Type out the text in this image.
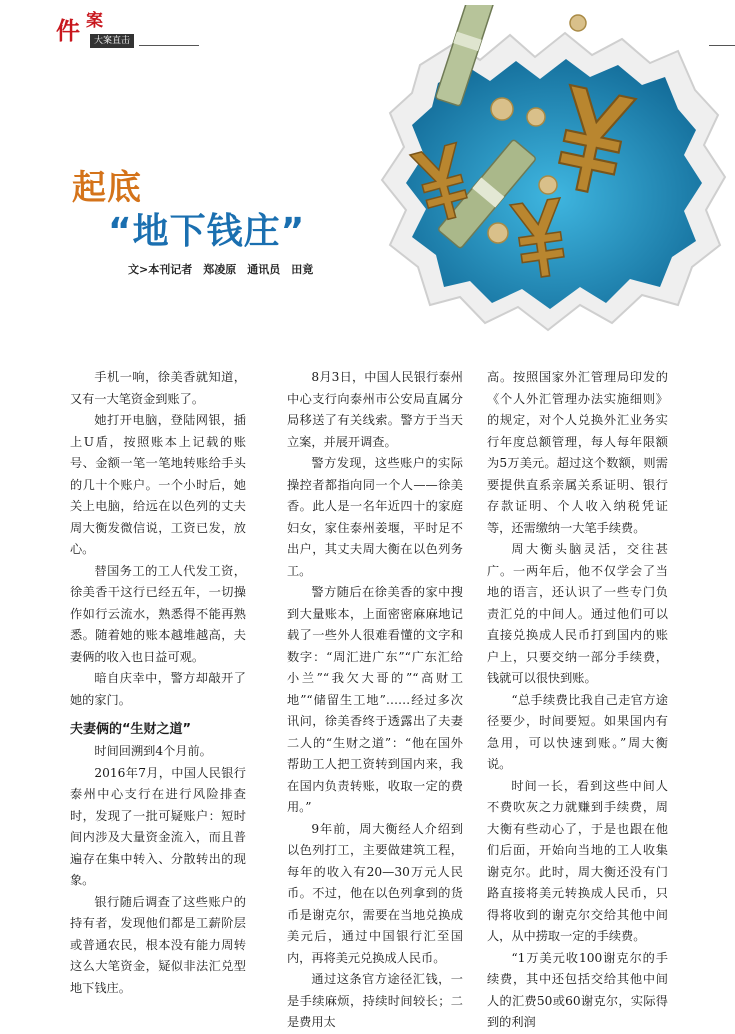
件 案
大案直击
起底
“地下钱庄”
文>本刊记者　郑凌原　通讯员　田竟

手机一响，徐美香就知道，又有一大笔资金到账了。

她打开电脑，登陆网银，插上U盾，按照账本上记载的账号、金额一笔一笔地转账给手头的几十个账户。一个小时后，她关上电脑，给远在以色列的丈夫周大衡发微信说，工资已发，放心。

替国务工的工人代发工资，徐美香干这行已经五年，一切操作如行云流水，熟悉得不能再熟悉。随着她的账本越堆越高，夫妻俩的收入也日益可观。

暗自庆幸中，警方却敲开了她的家门。

夫妻俩的“生财之道”

时间回溯到4个月前。

2016年7月，中国人民银行泰州中心支行在进行风险排查时，发现了一批可疑账户：短时间内涉及大量资金流入，而且普遍存在集中转入、分散转出的现象。

银行随后调查了这些账户的持有者，发现他们都是工薪阶层或普通农民，根本没有能力周转这么大笔资金，疑似非法汇兑型地下钱庄。

8月3日，中国人民银行泰州中心支行向泰州市公安局直属分局移送了有关线索。警方于当天立案，并展开调查。

警方发现，这些账户的实际操控者都指向同一个人——徐美香。此人是一名年近四十的家庭妇女，家住泰州姜堰，平时足不出户，其丈夫周大衡在以色列务工。

警方随后在徐美香的家中搜到大量账本，上面密密麻麻地记载了一些外人很难看懂的文字和数字：“周汇进广东”“广东汇给小兰”“我欠大哥的”“高财工地”“储留生工地”……经过多次讯问，徐美香终于透露出了夫妻二人的“生财之道”：“他在国外帮助工人把工资转到国内来，我在国内负责转账，收取一定的费用。”

9年前，周大衡经人介绍到以色列打工，主要做建筑工程，每年的收入有20—30万元人民币。不过，他在以色列拿到的货币是谢克尔，需要在当地兑换成美元后，通过中国银行汇至国内，再将美元兑换成人民币。

通过这条官方途径汇钱，一是手续麻烦，持续时间较长；二是费用太

高。按照国家外汇管理局印发的《个人外汇管理办法实施细则》的规定，对个人兑换外汇业务实行年度总额管理，每人每年限额为5万美元。超过这个数额，则需要提供直系亲属关系证明、银行存款证明、个人收入纳税凭证等，还需缴纳一大笔手续费。

周大衡头脑灵活，交往甚广。一两年后，他不仅学会了当地的语言，还认识了一些专门负责汇兑的中间人。通过他们可以直接兑换成人民币打到国内的账户上，只要交纳一部分手续费，钱就可以很快到账。

“总手续费比我自己走官方途径要少，时间要短。如果国内有急用，可以快速到账。”周大衡说。

时间一长，看到这些中间人不费吹灰之力就赚到手续费，周大衡有些动心了，于是也跟在他们后面，开始向当地的工人收集谢克尔。此时，周大衡还没有门路直接将美元转换成人民币，只得将收到的谢克尔交给其他中间人，从中捞取一定的手续费。

“1万美元收100谢克尔的手续费，其中还包括交给其他中间人的汇费50或60谢克尔，实际得到的利润
